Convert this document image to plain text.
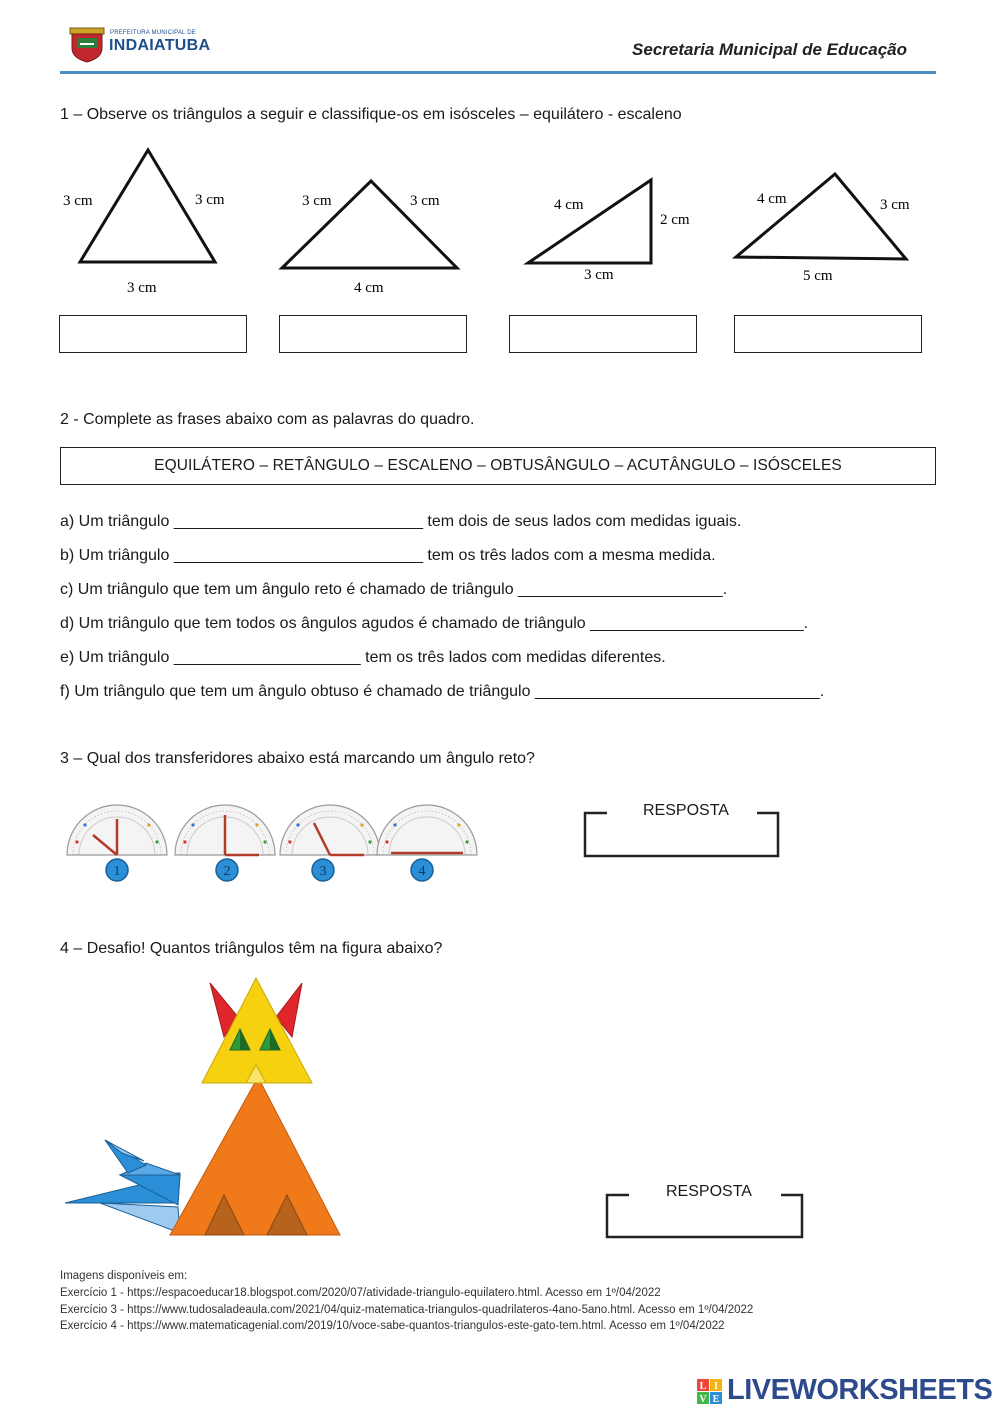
PREFEITURA MUNICIPAL DE
INDAIATUBA	Secretaria Municipal de Educação
1 – Observe os triângulos a seguir e classifique-os em isósceles – equilátero - escaleno
3 cm	3 cm
3 cm
3 cm	3 cm
4 cm
4 cm
2 cm
3 cm
4 cm	3 cm
5 cm
2 - Complete as frases abaixo com as palavras do quadro.
EQUILÁTERO – RETÂNGULO – ESCALENO – OBTUSÂNGULO – ACUTÂNGULO – ISÓSCELES
a) Um triângulo ____________________________ tem dois de seus lados com medidas iguais.
b) Um triângulo ____________________________ tem os três lados com a mesma medida.
c) Um triângulo que tem um ângulo reto é chamado de triângulo _______________________.
d) Um triângulo que tem todos os ângulos agudos é chamado de triângulo ________________________.
e) Um triângulo _____________________ tem os três lados com medidas diferentes.
f) Um triângulo que tem um ângulo obtuso é chamado de triângulo ________________________________.
3 – Qual dos transferidores abaixo está marcando um ângulo reto?
1	2	3	4
RESPOSTA
4 – Desafio! Quantos triângulos têm na figura abaixo?
RESPOSTA
Imagens disponíveis em:
Exercício 1 - https://espacoeducar18.blogspot.com/2020/07/atividade-triangulo-equilatero.html. Acesso em 1º/04/2022
Exercício 3 - https://www.tudosaladeaula.com/2021/04/quiz-matematica-triangulos-quadrilateros-4ano-5ano.html. Acesso em 1º/04/2022
Exercício 4 - https://www.matematicagenial.com/2019/10/voce-sabe-quantos-triangulos-este-gato-tem.html. Acesso em 1º/04/2022
L I
V E LIVEWORKSHEETS
